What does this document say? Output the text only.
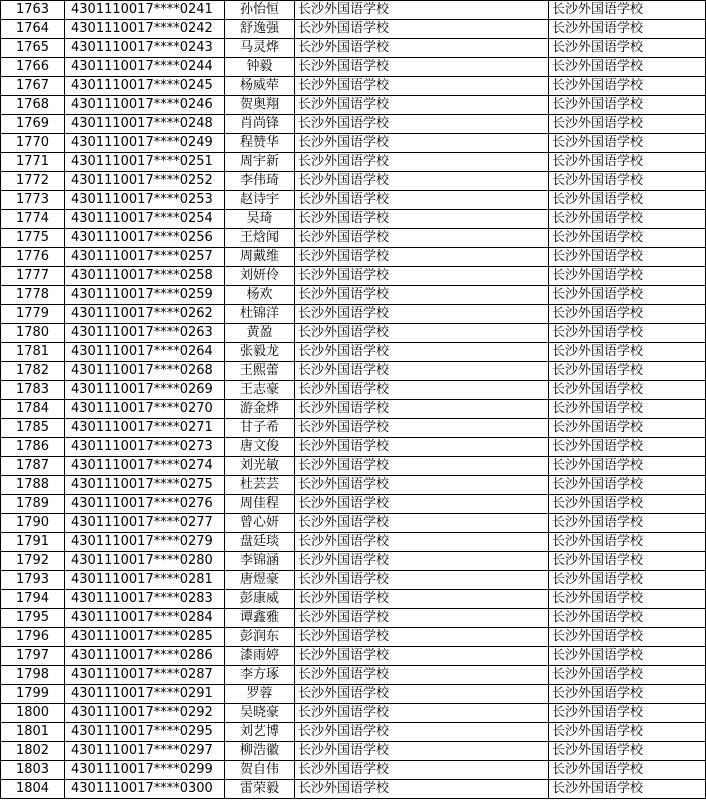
1763	4301110017****0241	孙怡恒	长沙外国语学校	长沙外国语学校
1764	4301110017****0242	舒逸强	长沙外国语学校	长沙外国语学校
1765	4301110017****0243	马灵烨	长沙外国语学校	长沙外国语学校
1766	4301110017****0244	钟毅	长沙外国语学校	长沙外国语学校
1767	4301110017****0245	杨威荦	长沙外国语学校	长沙外国语学校
1768	4301110017****0246	贺奥翔	长沙外国语学校	长沙外国语学校
1769	4301110017****0248	肖尚锋	长沙外国语学校	长沙外国语学校
1770	4301110017****0249	程赞华	长沙外国语学校	长沙外国语学校
1771	4301110017****0251	周宇新	长沙外国语学校	长沙外国语学校
1772	4301110017****0252	李伟琦	长沙外国语学校	长沙外国语学校
1773	4301110017****0253	赵诗宇	长沙外国语学校	长沙外国语学校
1774	4301110017****0254	吴琦	长沙外国语学校	长沙外国语学校
1775	4301110017****0256	王焓闻	长沙外国语学校	长沙外国语学校
1776	4301110017****0257	周戴维	长沙外国语学校	长沙外国语学校
1777	4301110017****0258	刘妍伶	长沙外国语学校	长沙外国语学校
1778	4301110017****0259	杨欢	长沙外国语学校	长沙外国语学校
1779	4301110017****0262	杜锦洋	长沙外国语学校	长沙外国语学校
1780	4301110017****0263	黄盈	长沙外国语学校	长沙外国语学校
1781	4301110017****0264	张毅龙	长沙外国语学校	长沙外国语学校
1782	4301110017****0268	王熙蕾	长沙外国语学校	长沙外国语学校
1783	4301110017****0269	王志豪	长沙外国语学校	长沙外国语学校
1784	4301110017****0270	游金烨	长沙外国语学校	长沙外国语学校
1785	4301110017****0271	甘子希	长沙外国语学校	长沙外国语学校
1786	4301110017****0273	唐文俊	长沙外国语学校	长沙外国语学校
1787	4301110017****0274	刘光敏	长沙外国语学校	长沙外国语学校
1788	4301110017****0275	杜芸芸	长沙外国语学校	长沙外国语学校
1789	4301110017****0276	周佳程	长沙外国语学校	长沙外国语学校
1790	4301110017****0277	曾心妍	长沙外国语学校	长沙外国语学校
1791	4301110017****0279	盘廷琰	长沙外国语学校	长沙外国语学校
1792	4301110017****0280	李锦涵	长沙外国语学校	长沙外国语学校
1793	4301110017****0281	唐煜豪	长沙外国语学校	长沙外国语学校
1794	4301110017****0283	彭康威	长沙外国语学校	长沙外国语学校
1795	4301110017****0284	谭鑫雅	长沙外国语学校	长沙外国语学校
1796	4301110017****0285	彭润东	长沙外国语学校	长沙外国语学校
1797	4301110017****0286	漆雨婷	长沙外国语学校	长沙外国语学校
1798	4301110017****0287	李方琢	长沙外国语学校	长沙外国语学校
1799	4301110017****0291	罗蓉	长沙外国语学校	长沙外国语学校
1800	4301110017****0292	吴晓豪	长沙外国语学校	长沙外国语学校
1801	4301110017****0295	刘艺博	长沙外国语学校	长沙外国语学校
1802	4301110017****0297	柳浩徽	长沙外国语学校	长沙外国语学校
1803	4301110017****0299	贺自伟	长沙外国语学校	长沙外国语学校
1804	4301110017****0300	雷荣毅	长沙外国语学校	长沙外国语学校
